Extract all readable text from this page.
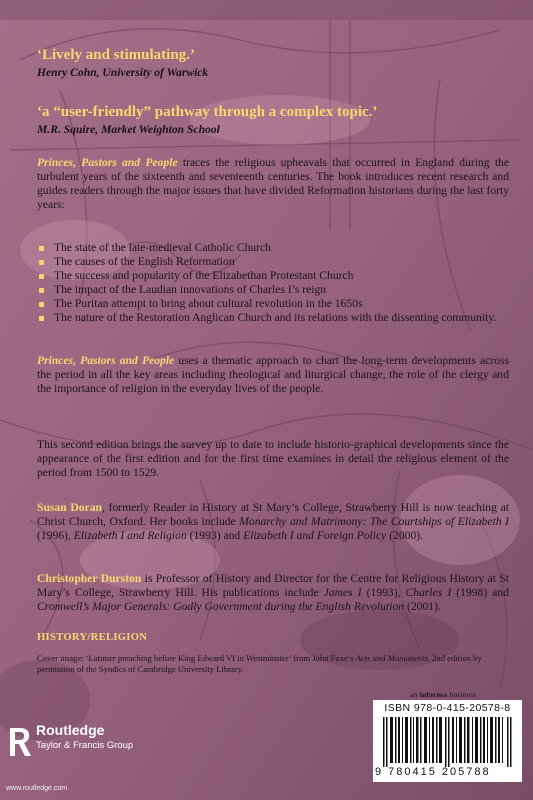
‘Lively and stimulating.’
Henry Cohn, University of Warwick
‘a “user-friendly” pathway through a complex topic.’
M.R. Squire, Market Weighton School
Princes, Pastors and People traces the religious upheavals that occurred in England during the turbulent years of the sixteenth and seventeenth centuries. The book introduces recent research and guides readers through the major issues that have divided Reformation historians during the last forty years:
The state of the late-medieval Catholic Church
The causes of the English Reformation
The success and popularity of the Elizabethan Protestant Church
The impact of the Laudian innovations of Charles I’s reign
The Puritan attempt to bring about cultural revolution in the 1650s
The nature of the Restoration Anglican Church and its relations with the dissenting community.
Princes, Pastors and People uses a thematic approach to chart the long-term developments across the period in all the key areas including theological and liturgical change, the role of the clergy and the importance of religion in the everyday lives of the people.
This second edition brings the survey up to date to include historio-graphical developments since the appearance of the first edition and for the first time examines in detail the religious element of the period from 1500 to 1529.
Susan Doran, formerly Reader in History at St Mary’s College, Strawberry Hill is now teaching at Christ Church, Oxford. Her books include Monarchy and Matrimony: The Courtships of Elizabeth I (1996), Elizabeth I and Religion (1993) and Elizabeth I and Foreign Policy (2000).
Christopher Durston is Professor of History and Director for the Centre for Religious History at St Mary’s College, Strawberry Hill. His publications include James I (1993), Charles I (1998) and Cromwell’s Major Generals: Godly Government during the English Revolution (2001).
HISTORY/RELIGION
Cover image: ‘Latimer preaching before King Edward VI in Westminster’ from John Foxe’s Acts and Monuments, 2nd edition by permission of the Syndics of Cambridge University Library.
an informa business
Routledge
Taylor & Francis Group
www.routledge.com
ISBN 978-0-415-20578-8
9 780415 205788
